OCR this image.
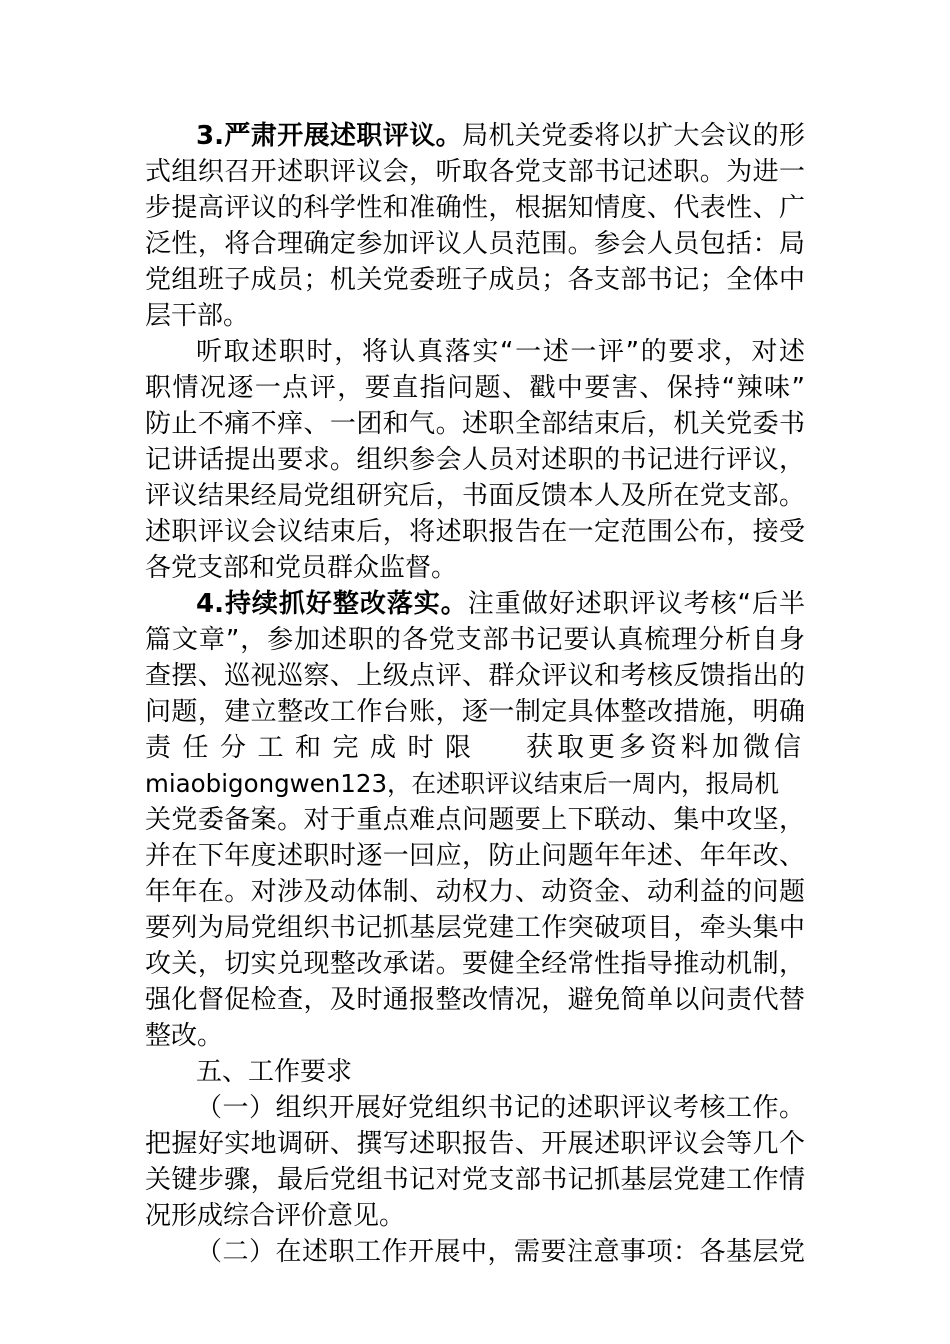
3.严肃开展述职评议。局机关党委将以扩大会议的形
式组织召开述职评议会，听取各党支部书记述职。为进一
步提高评议的科学性和准确性，根据知情度、代表性、广
泛性，将合理确定参加评议人员范围。参会人员包括：局
党组班子成员；机关党委班子成员；各支部书记；全体中
层干部。
听取述职时，将认真落实“一述一评”的要求，对述
职情况逐一点评，要直指问题、戳中要害、保持“辣味”
防止不痛不痒、一团和气。述职全部结束后，机关党委书
记讲话提出要求。组织参会人员对述职的书记进行评议，
评议结果经局党组研究后，书面反馈本人及所在党支部。
述职评议会议结束后，将述职报告在一定范围公布，接受
各党支部和党员群众监督。
4.持续抓好整改落实。注重做好述职评议考核“后半
篇文章”，参加述职的各党支部书记要认真梳理分析自身
查摆、巡视巡察、上级点评、群众评议和考核反馈指出的
问题，建立整改工作台账，逐一制定具体整改措施，明确
责任分工和完成时限 获取更多资料加微信
miaobigongwen123，在述职评议结束后一周内，报局机
关党委备案。对于重点难点问题要上下联动、集中攻坚，
并在下年度述职时逐一回应，防止问题年年述、年年改、
年年在。对涉及动体制、动权力、动资金、动利益的问题
要列为局党组织书记抓基层党建工作突破项目，牵头集中
攻关，切实兑现整改承诺。要健全经常性指导推动机制，
强化督促检查，及时通报整改情况，避免简单以问责代替
整改。
五、工作要求
（一）组织开展好党组织书记的述职评议考核工作。
把握好实地调研、撰写述职报告、开展述职评议会等几个
关键步骤，最后党组书记对党支部书记抓基层党建工作情
况形成综合评价意见。
（二）在述职工作开展中，需要注意事项：各基层党
